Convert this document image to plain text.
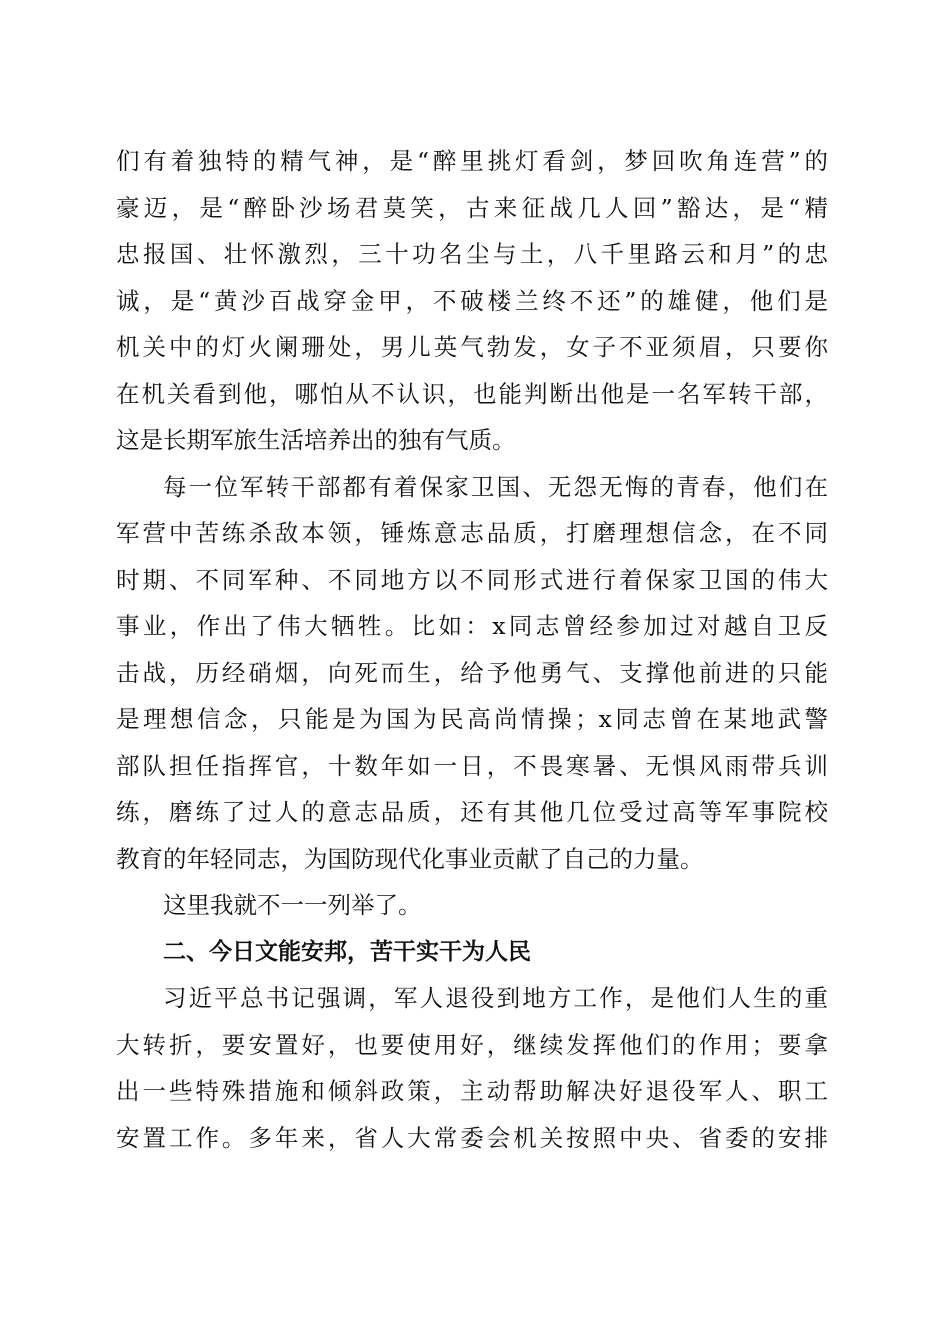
们有着独特的精气神，是“醉里挑灯看剑，梦回吹角连营”的
豪迈，是“醉卧沙场君莫笑，古来征战几人回”豁达，是“精
忠报国、壮怀激烈，三十功名尘与土，八千里路云和月”的忠
诚，是“黄沙百战穿金甲，不破楼兰终不还”的雄健，他们是
机关中的灯火阑珊处，男儿英气勃发，女子不亚须眉，只要你
在机关看到他，哪怕从不认识，也能判断出他是一名军转干部，
这是长期军旅生活培养出的独有气质。
每一位军转干部都有着保家卫国、无怨无悔的青春，他们在
军营中苦练杀敌本领，锤炼意志品质，打磨理想信念，在不同
时期、不同军种、不同地方以不同形式进行着保家卫国的伟大
事业，作出了伟大牺牲。比如：x同志曾经参加过对越自卫反
击战，历经硝烟，向死而生，给予他勇气、支撑他前进的只能
是理想信念，只能是为国为民高尚情操；x同志曾在某地武警
部队担任指挥官，十数年如一日，不畏寒暑、无惧风雨带兵训
练，磨练了过人的意志品质，还有其他几位受过高等军事院校
教育的年轻同志，为国防现代化事业贡献了自己的力量。
这里我就不一一列举了。
二、今日文能安邦，苦干实干为人民
习近平总书记强调，军人退役到地方工作，是他们人生的重
大转折，要安置好，也要使用好，继续发挥他们的作用；要拿
出一些特殊措施和倾斜政策，主动帮助解决好退役军人、职工
安置工作。多年来，省人大常委会机关按照中央、省委的安排
